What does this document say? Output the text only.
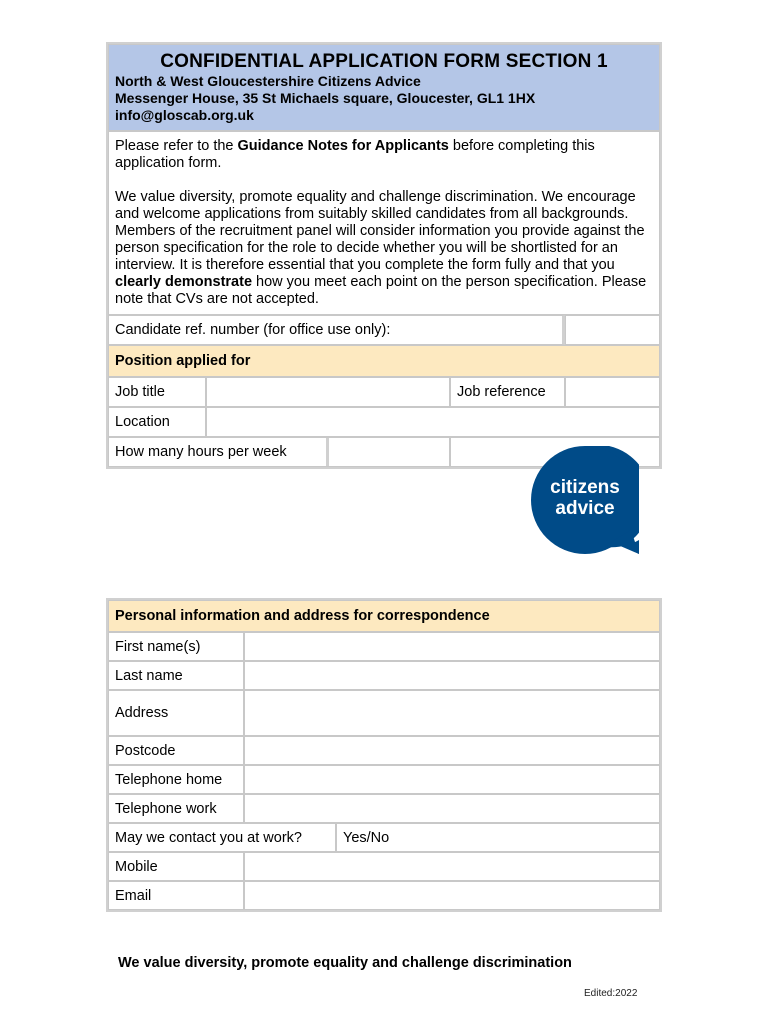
CONFIDENTIAL APPLICATION FORM SECTION 1
North & West Gloucestershire Citizens Advice
Messenger House, 35 St Michaels square, Gloucester, GL1 1HX
info@gloscab.org.uk			

Please refer to the Guidance Notes for Applicants before completing this application form.

We value diversity, promote equality and challenge discrimination. We encourage and welcome applications from suitably skilled candidates from all backgrounds. Members of the recruitment panel will consider information you provide against the person specification for the role to decide whether you will be shortlisted for an interview. It is therefore essential that you complete the form fully and that you clearly demonstrate how you meet each point on the person specification. Please note that CVs are not accepted.			

Candidate ref. number (for office use only):			
Position applied for			
Job title		Job reference	
Location			

How many hours per week			

citizens
advice
Personal information and address for correspondence		
First name(s)		
Last name		
Address		
Postcode		
Telephone home		
Telephone work		
May we contact you at work?		Yes/No
Mobile		
Email		
We value diversity, promote equality and challenge discrimination
Edited:2022
